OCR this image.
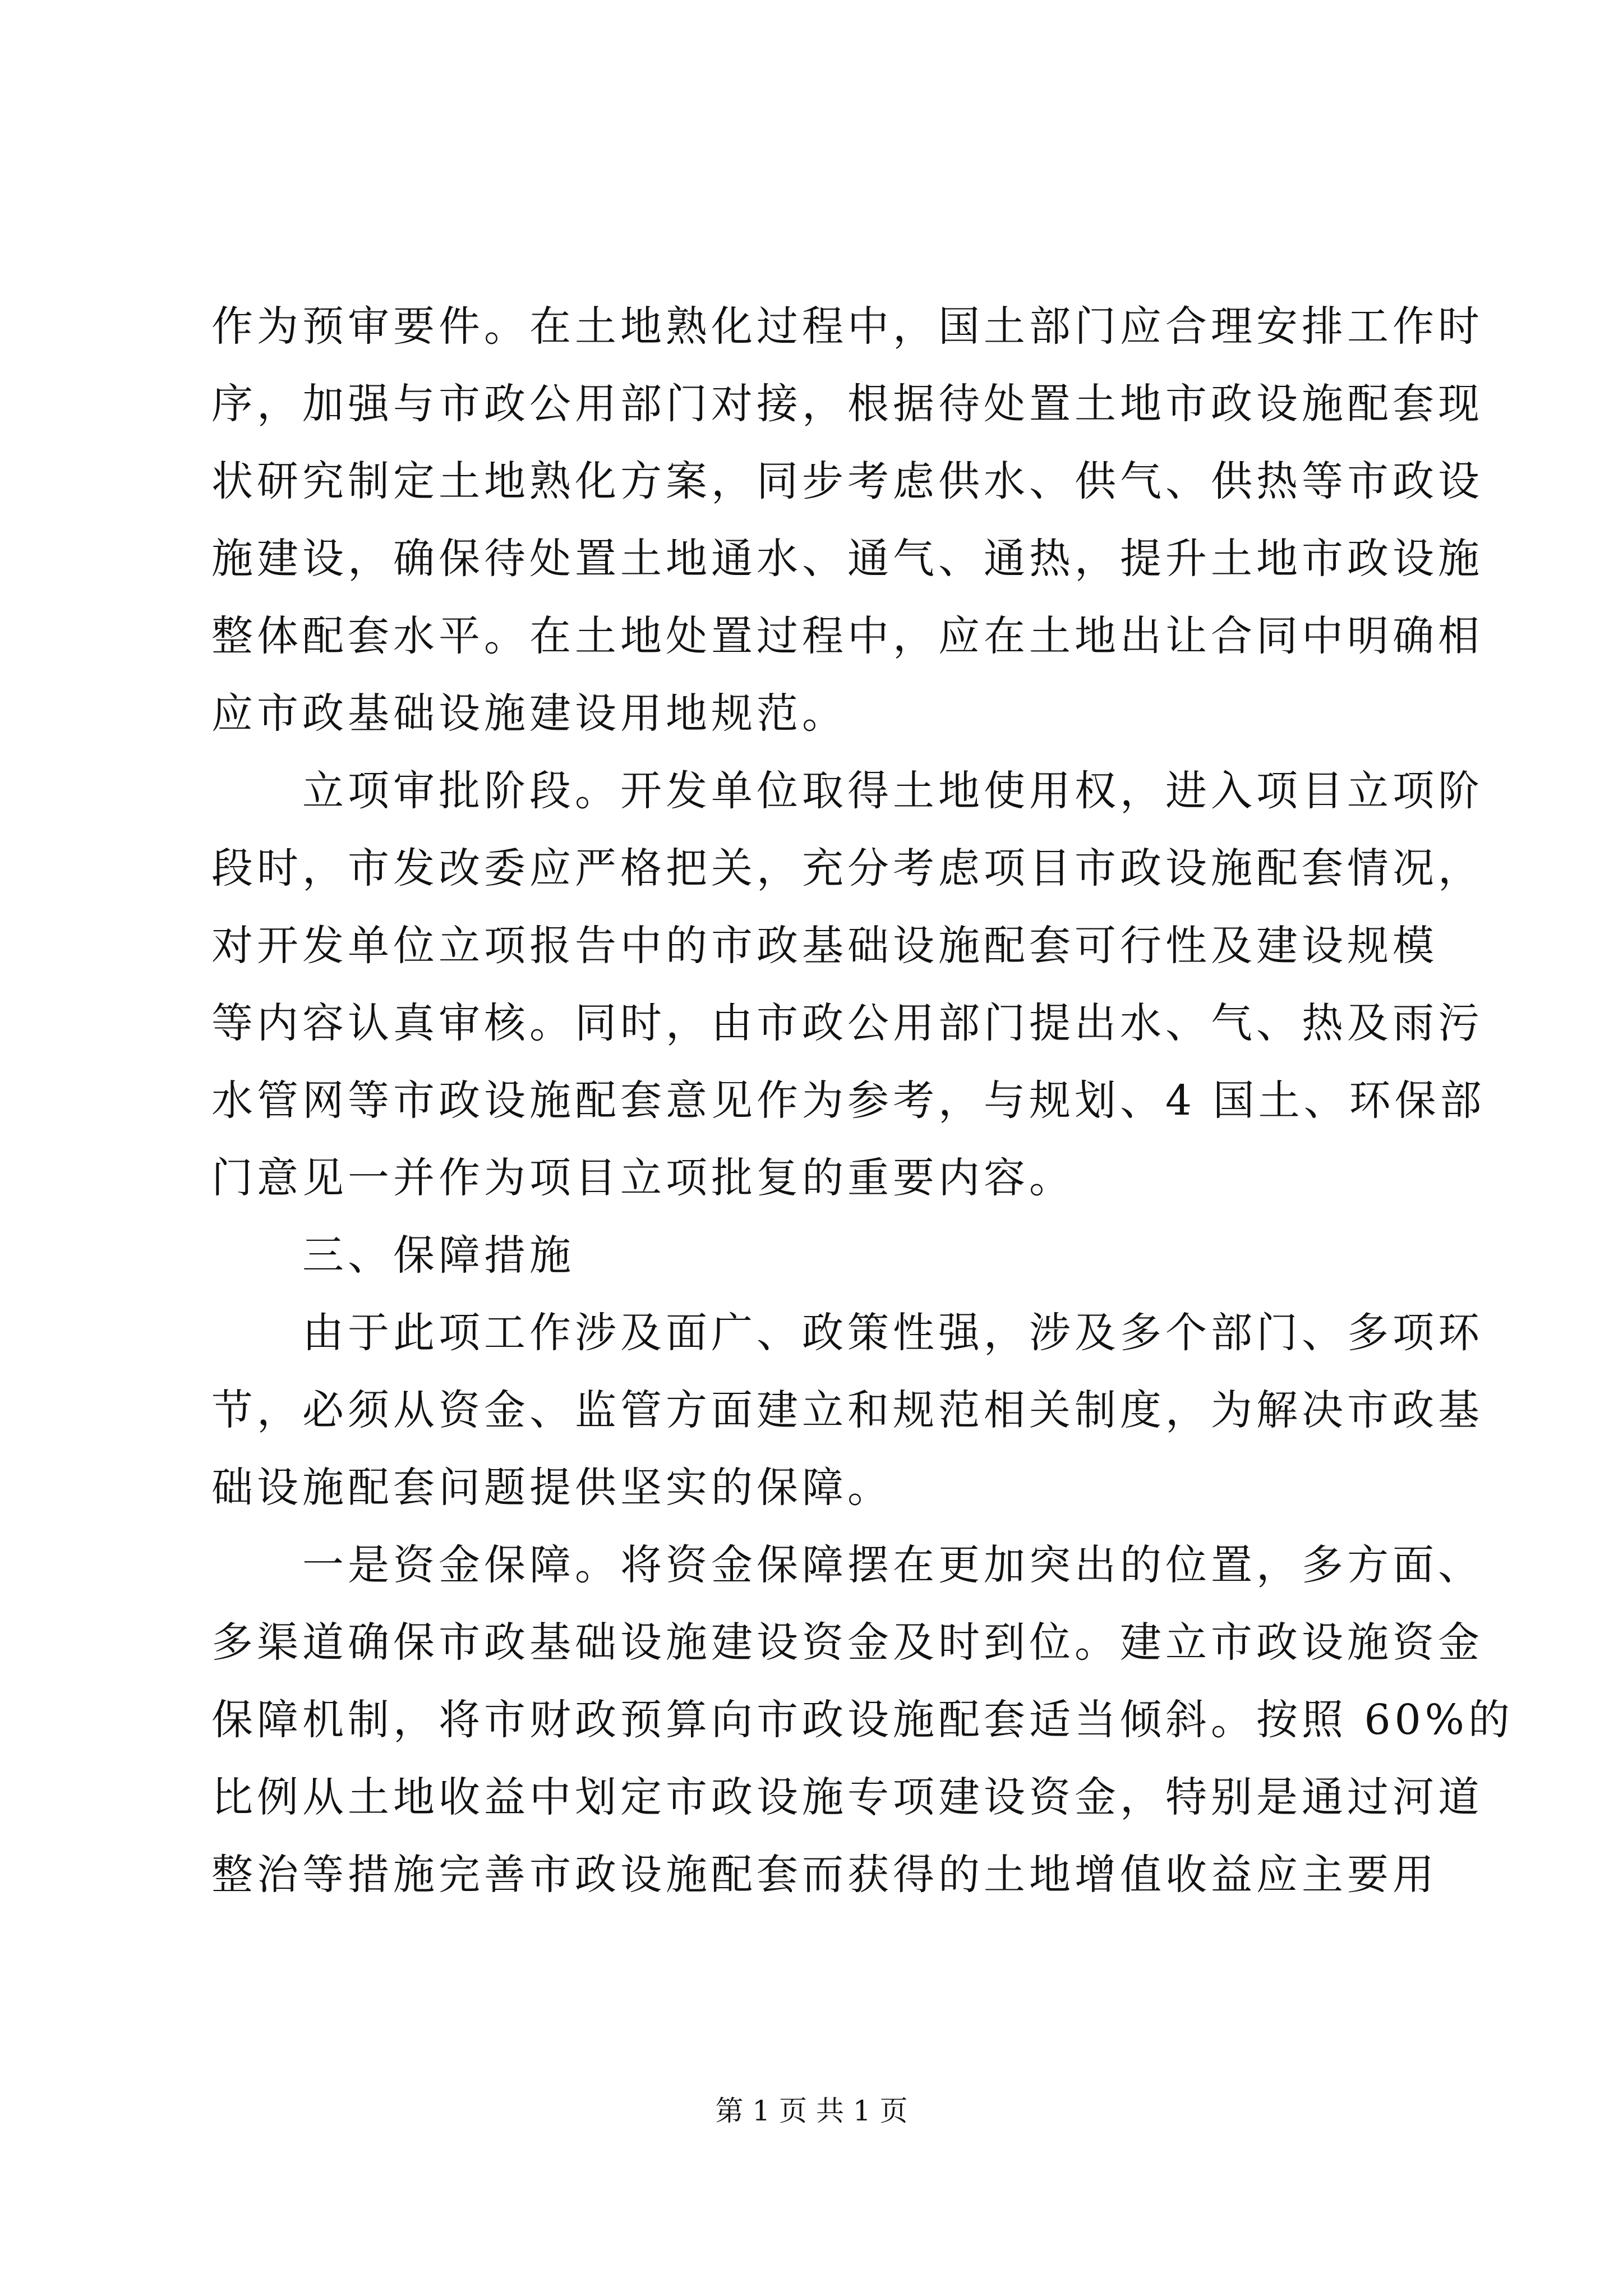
作为预审要件。在土地熟化过程中，国土部门应合理安排工作时
序，加强与市政公用部门对接，根据待处置土地市政设施配套现
状研究制定土地熟化方案，同步考虑供水、供气、供热等市政设
施建设，确保待处置土地通水、通气、通热，提升土地市政设施
整体配套水平。在土地处置过程中，应在土地出让合同中明确相
应市政基础设施建设用地规范。
　　立项审批阶段。开发单位取得土地使用权，进入项目立项阶
段时，市发改委应严格把关，充分考虑项目市政设施配套情况，
对开发单位立项报告中的市政基础设施配套可行性及建设规模
等内容认真审核。同时，由市政公用部门提出水、气、热及雨污
水管网等市政设施配套意见作为参考，与规划、4 国土、环保部
门意见一并作为项目立项批复的重要内容。
　　三、保障措施
　　由于此项工作涉及面广、政策性强，涉及多个部门、多项环
节，必须从资金、监管方面建立和规范相关制度，为解决市政基
础设施配套问题提供坚实的保障。
　　一是资金保障。将资金保障摆在更加突出的位置，多方面、
多渠道确保市政基础设施建设资金及时到位。建立市政设施资金
保障机制，将市财政预算向市政设施配套适当倾斜。按照 60%的
比例从土地收益中划定市政设施专项建设资金，特别是通过河道
整治等措施完善市政设施配套而获得的土地增值收益应主要用
第 1 页 共 1 页
